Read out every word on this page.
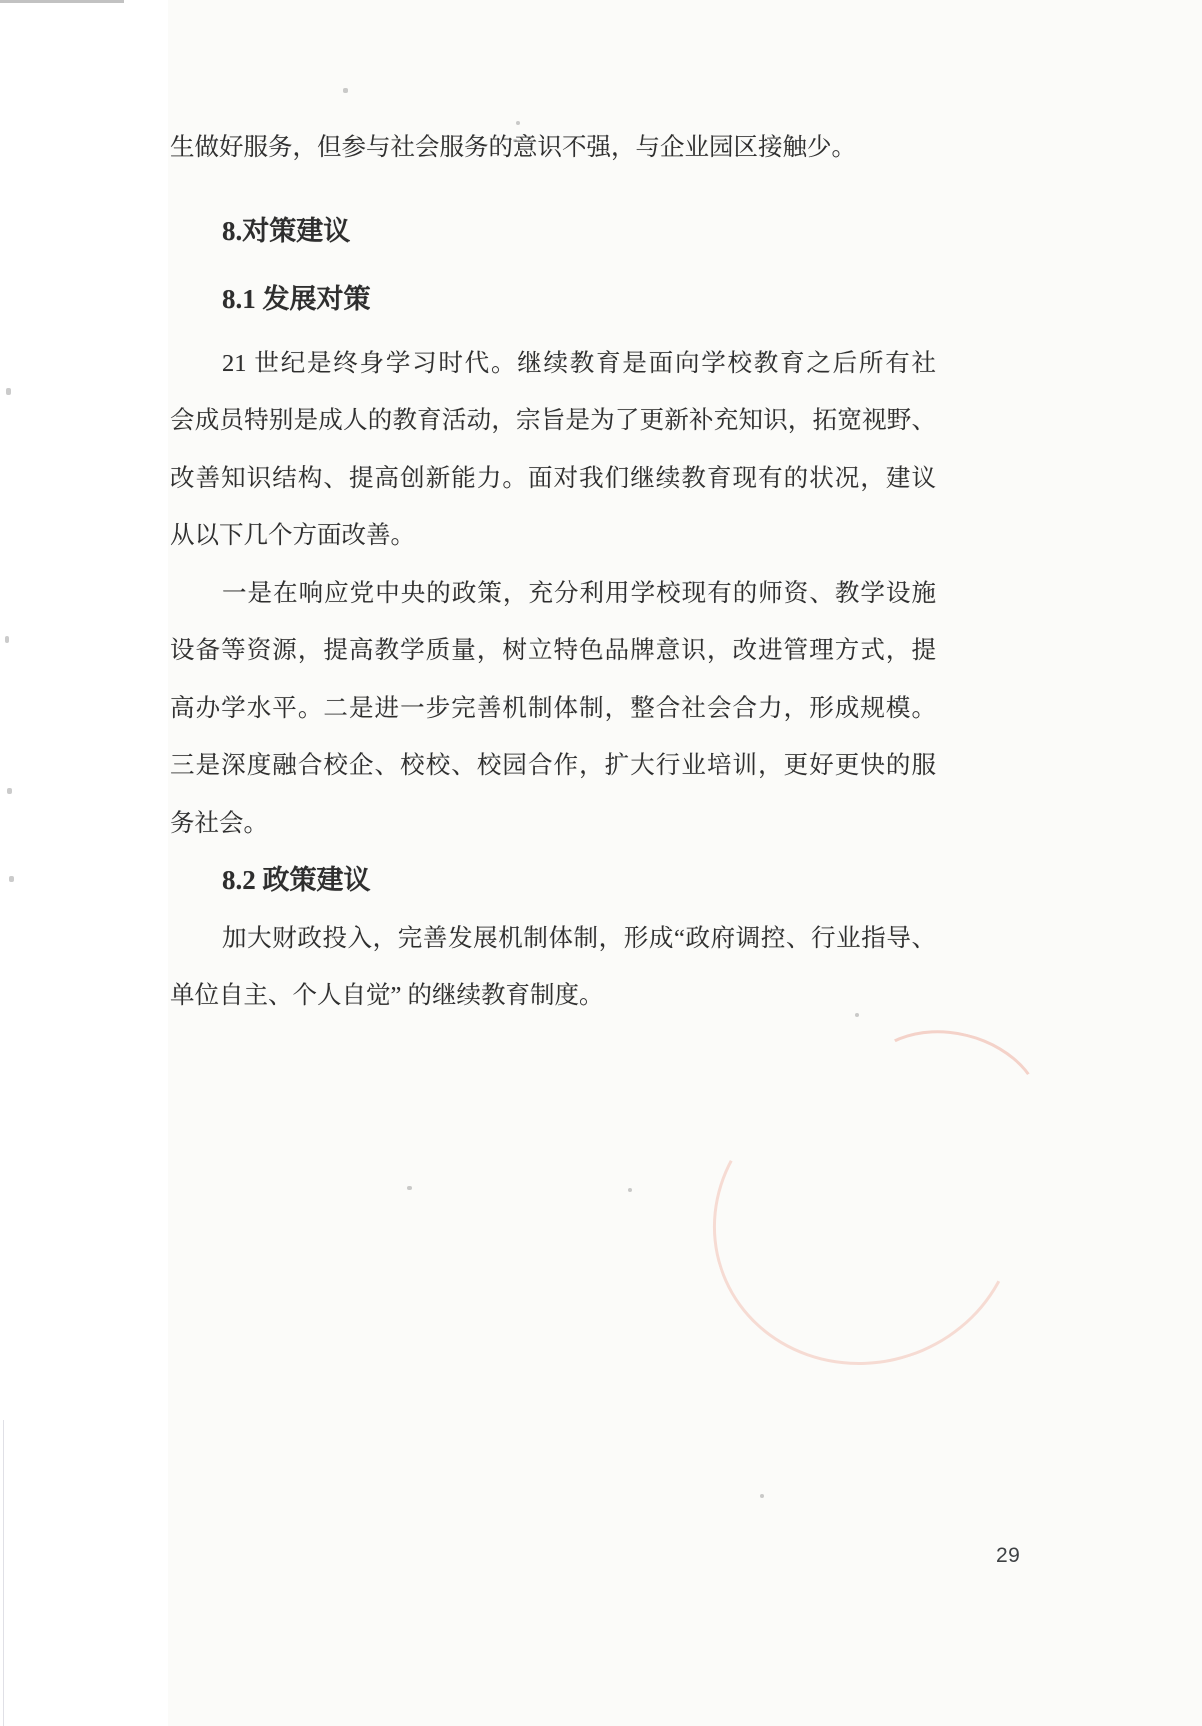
生做好服务，但参与社会服务的意识不强，与企业园区接触少。
8.对策建议
8.1 发展对策
21 世纪是终身学习时代。继续教育是面向学校教育之后所有社
会成员特别是成人的教育活动，宗旨是为了更新补充知识，拓宽视野、
改善知识结构、提高创新能力。面对我们继续教育现有的状况，建议
从以下几个方面改善。
一是在响应党中央的政策，充分利用学校现有的师资、教学设施
设备等资源，提高教学质量，树立特色品牌意识，改进管理方式，提
高办学水平。二是进一步完善机制体制，整合社会合力，形成规模。
三是深度融合校企、校校、校园合作，扩大行业培训，更好更快的服
务社会。
8.2 政策建议
加大财政投入，完善发展机制体制，形成“政府调控、行业指导、
单位自主、个人自觉” 的继续教育制度。
29
